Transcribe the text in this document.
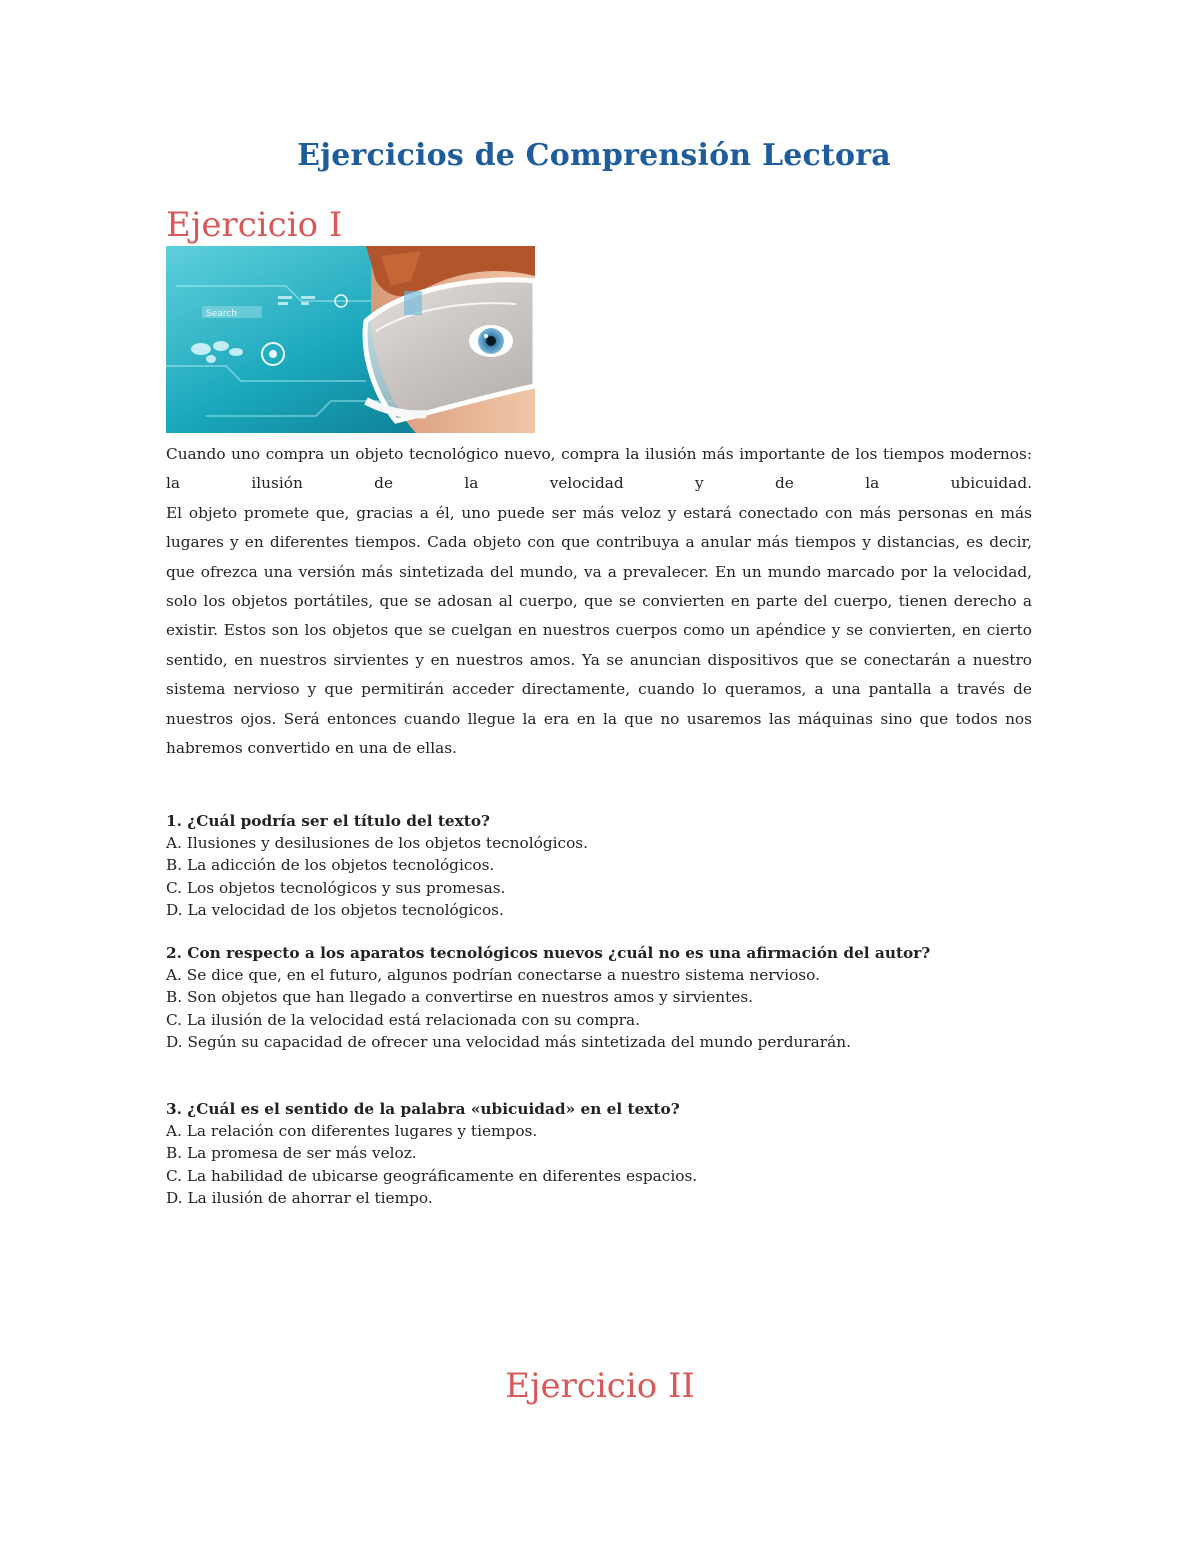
Ejercicios de Comprensión Lectora
Ejercicio I
Search

Cuando uno compra un objeto tecnológico nuevo, compra la ilusión más importante de los tiempos modernos: la ilusión de la velocidad y de la ubicuidad.

El objeto promete que, gracias a él, uno puede ser más veloz y estará conectado con más personas en más lugares y en diferentes tiempos. Cada objeto con que contribuya a anular más tiempos y distancias, es decir, que ofrezca una versión más sintetizada del mundo, va a prevalecer. En un mundo marcado por la velocidad, solo los objetos portátiles, que se adosan al cuerpo, que se convierten en parte del cuerpo, tienen derecho a existir. Estos son los objetos que se cuelgan en nuestros cuerpos como un apéndice y se convierten, en cierto sentido, en nuestros sirvientes y en nuestros amos. Ya se anuncian dispositivos que se conectarán a nuestro sistema nervioso y que permitirán acceder directamente, cuando lo queramos, a una pantalla a través de nuestros ojos. Será entonces cuando llegue la era en la que no usaremos las máquinas sino que todos nos habremos convertido en una de ellas.

1. ¿Cuál podría ser el título del texto?

A. Ilusiones y desilusiones de los objetos tecnológicos.

B. La adicción de los objetos tecnológicos.

C. Los objetos tecnológicos y sus promesas.

D. La velocidad de los objetos tecnológicos.

2. Con respecto a los aparatos tecnológicos nuevos ¿cuál no es una afirmación del autor?

A. Se dice que, en el futuro, algunos podrían conectarse a nuestro sistema nervioso.

B. Son objetos que han llegado a convertirse en nuestros amos y sirvientes.

C. La ilusión de la velocidad está relacionada con su compra.

D. Según su capacidad de ofrecer una velocidad más sintetizada del mundo perdurarán.

3. ¿Cuál es el sentido de la palabra «ubicuidad» en el texto?

A. La relación con diferentes lugares y tiempos.

B. La promesa de ser más veloz.

C. La habilidad de ubicarse geográficamente en diferentes espacios.

D. La ilusión de ahorrar el tiempo.

Ejercicio II
